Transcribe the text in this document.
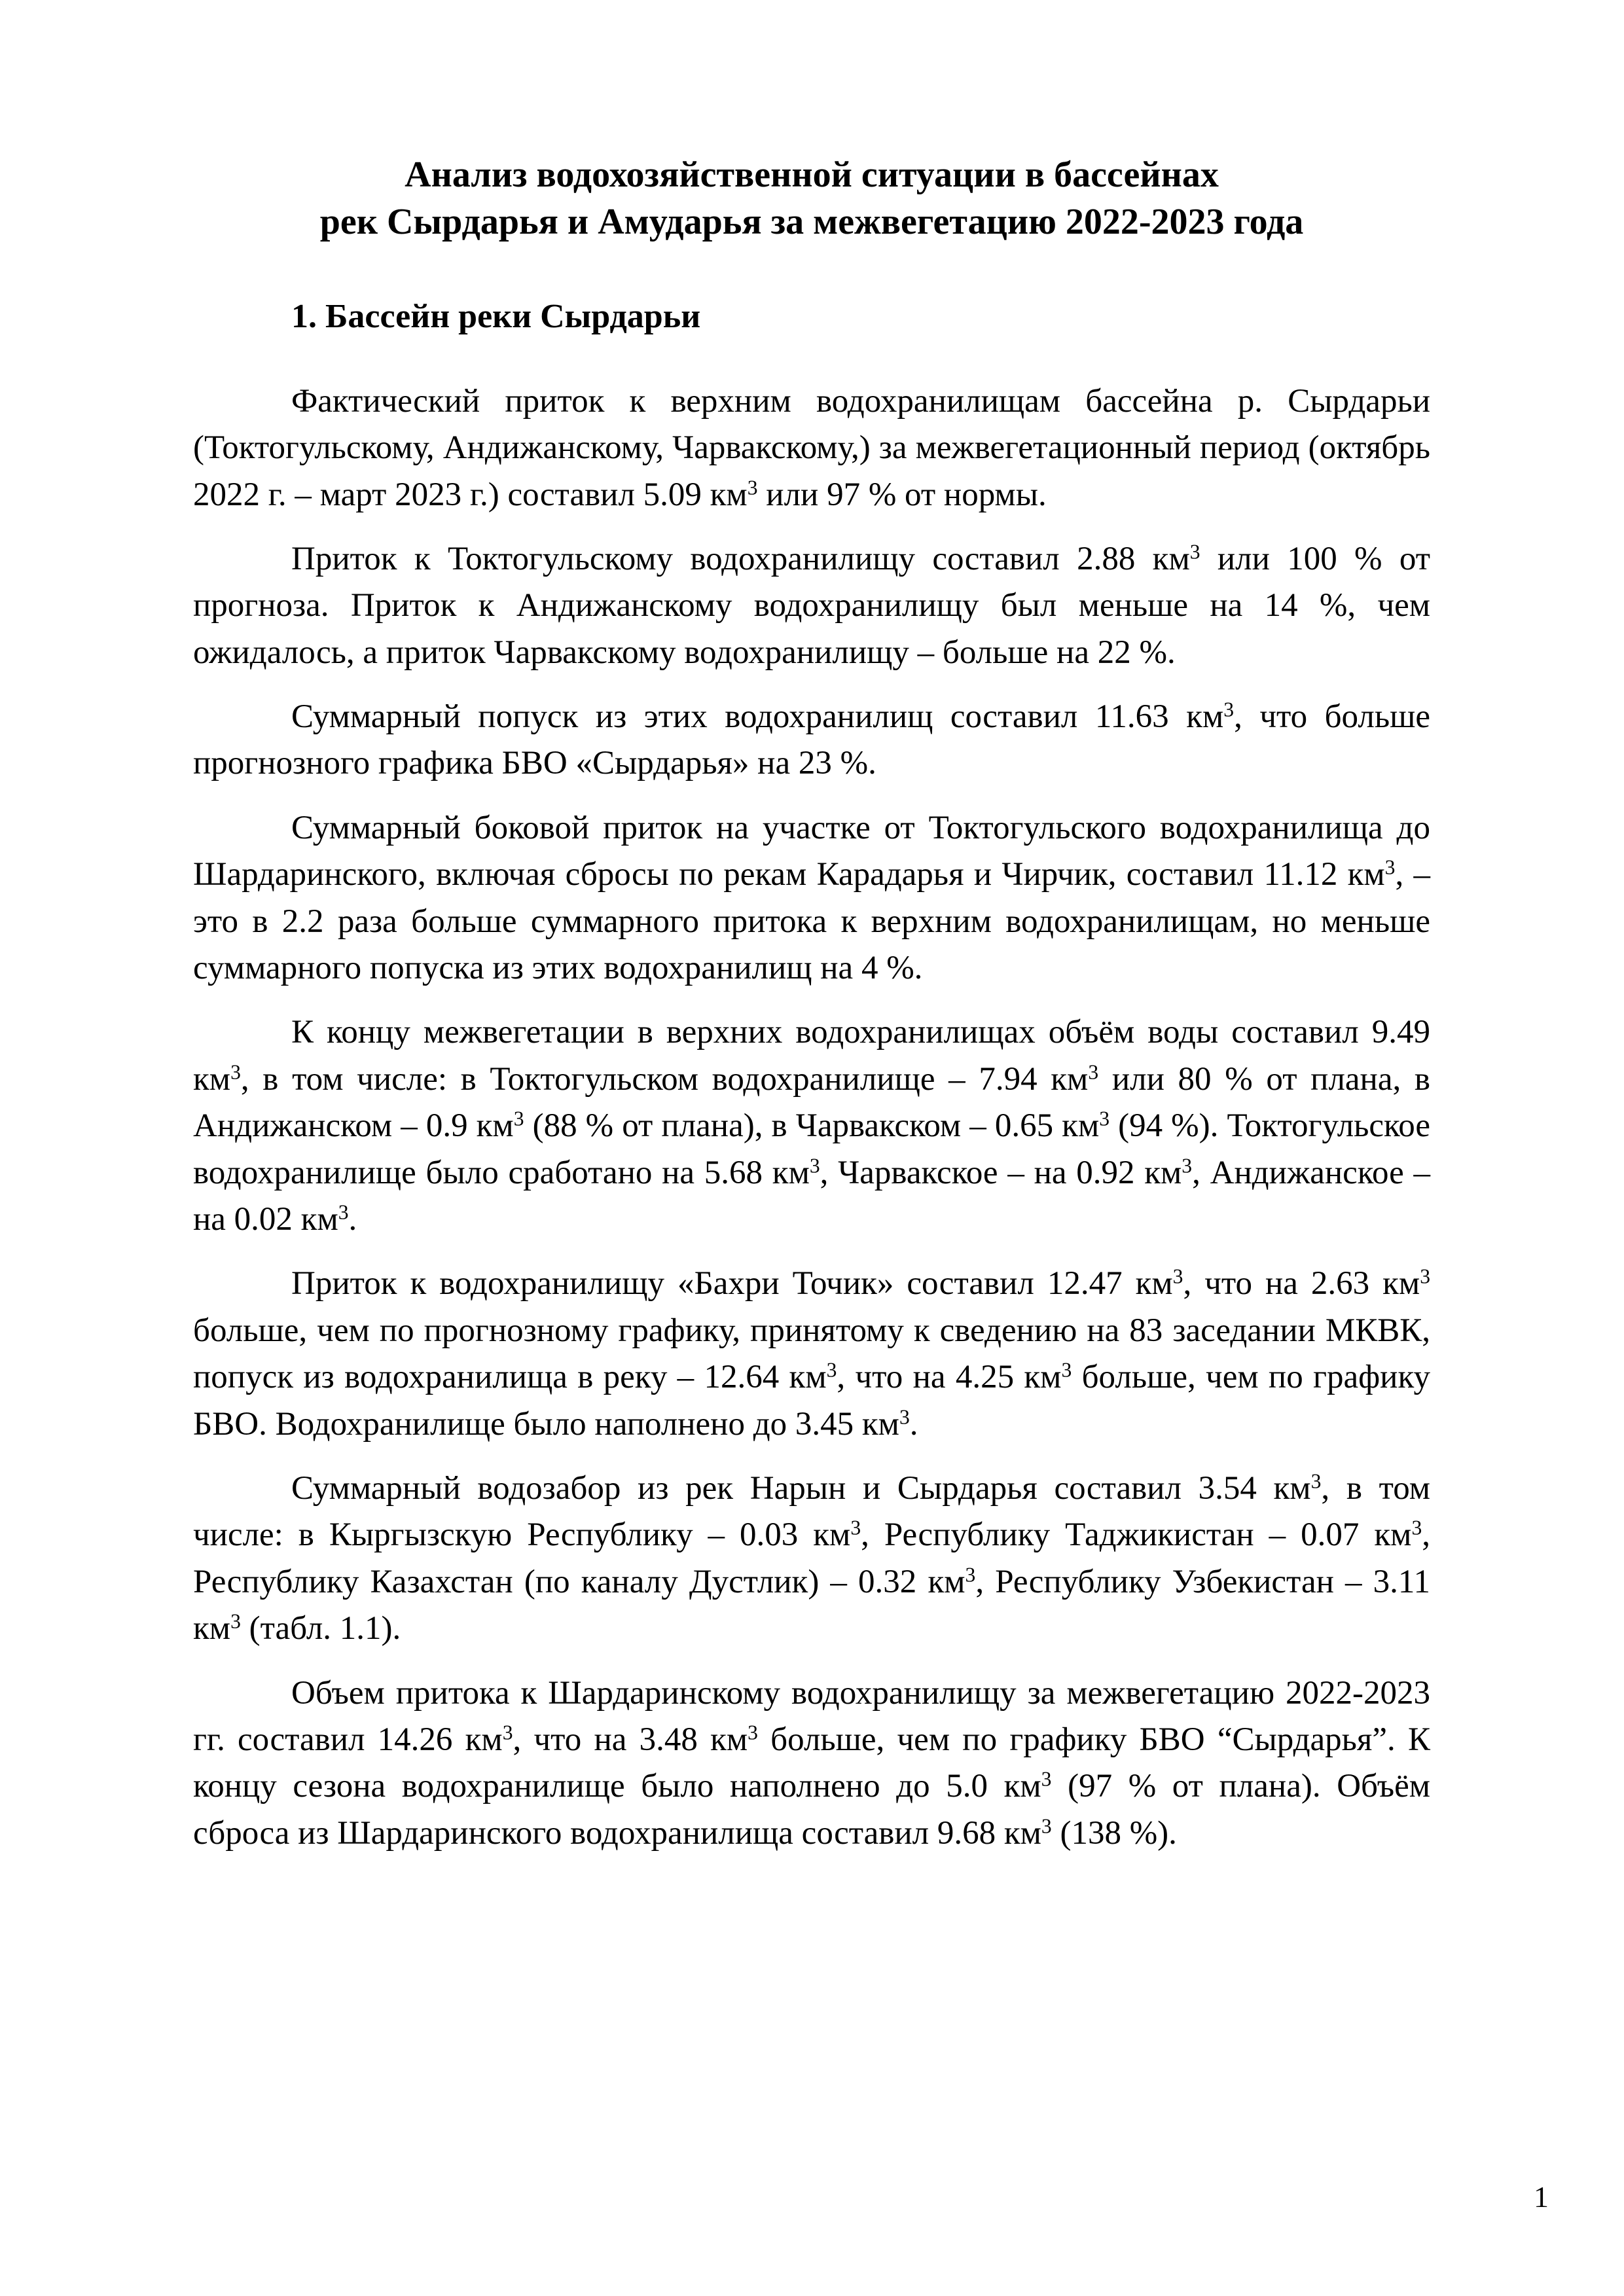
Анализ водохозяйственной ситуации в бассейнах
рек Сырдарья и Амударья за межвегетацию 2022-2023 года
1. Бассейн реки Сырдарьи

Фактический приток к верхним водохранилищам бассейна р. Сырдарьи (Токтогульскому, Андижанскому, Чарвакскому,) за межвегетационный период (октябрь 2022 г. – март 2023 г.) составил 5.09 $км^3$ или 97 % от нормы.

Приток к Токтогульскому водохранилищу составил 2.88 $км^3$ или 100 % от прогноза. Приток к Андижанскому водохранилищу был меньше на 14 %, чем ожидалось, а приток Чарвакскому водохранилищу – больше на 22 %.

Суммарный попуск из этих водохранилищ составил 11.63 $км^3$, что больше прогнозного графика БВО «Сырдарья» на 23 %.

Суммарный боковой приток на участке от Токтогульского водохранилища до Шардаринского, включая сбросы по рекам Карадарья и Чирчик, составил 11.12 $км^3$, – это в 2.2 раза больше суммарного притока к верхним водохранилищам, но меньше суммарного попуска из этих водохранилищ на 4 %.

К концу межвегетации в верхних водохранилищах объём воды составил 9.49 $км^3$, в том числе: в Токтогульском водохранилище – 7.94 $км^3$ или 80 % от плана, в Андижанском – 0.9 $км^3$ (88 % от плана), в Чарвакском – 0.65 $км^3$ (94 %). Токтогульское водохранилище было сработано на 5.68 $км^3$, Чарвакское – на 0.92 $км^3$, Андижанское – на 0.02 $км^3$.

Приток к водохранилищу «Бахри Точик» составил 12.47 $км^3$, что на 2.63 $км^3$ больше, чем по прогнозному графику, принятому к сведению на 83 заседании МКВК, попуск из водохранилища в реку – 12.64 $км^3$, что на 4.25 $км^3$ больше, чем по графику БВО. Водохранилище было наполнено до 3.45 $км^3$.

Суммарный водозабор из рек Нарын и Сырдарья составил 3.54 $км^3$, в том числе: в Кыргызскую Республику – 0.03 $км^3$, Республику Таджикистан – 0.07 $км^3$, Республику Казахстан (по каналу Дустлик) – 0.32 $км^3$, Республику Узбекистан – 3.11 $км^3$ (табл. 1.1).

Объем притока к Шардаринскому водохранилищу за межвегетацию 2022-2023 гг. составил 14.26 $км^3$, что на 3.48 $км^3$ больше, чем по графику БВО “Сырдарья”. К концу сезона водохранилище было наполнено до 5.0 $км^3$ (97 % от плана). Объём сброса из Шардаринского водохранилища составил 9.68 $км^3$ (138 %).

1
